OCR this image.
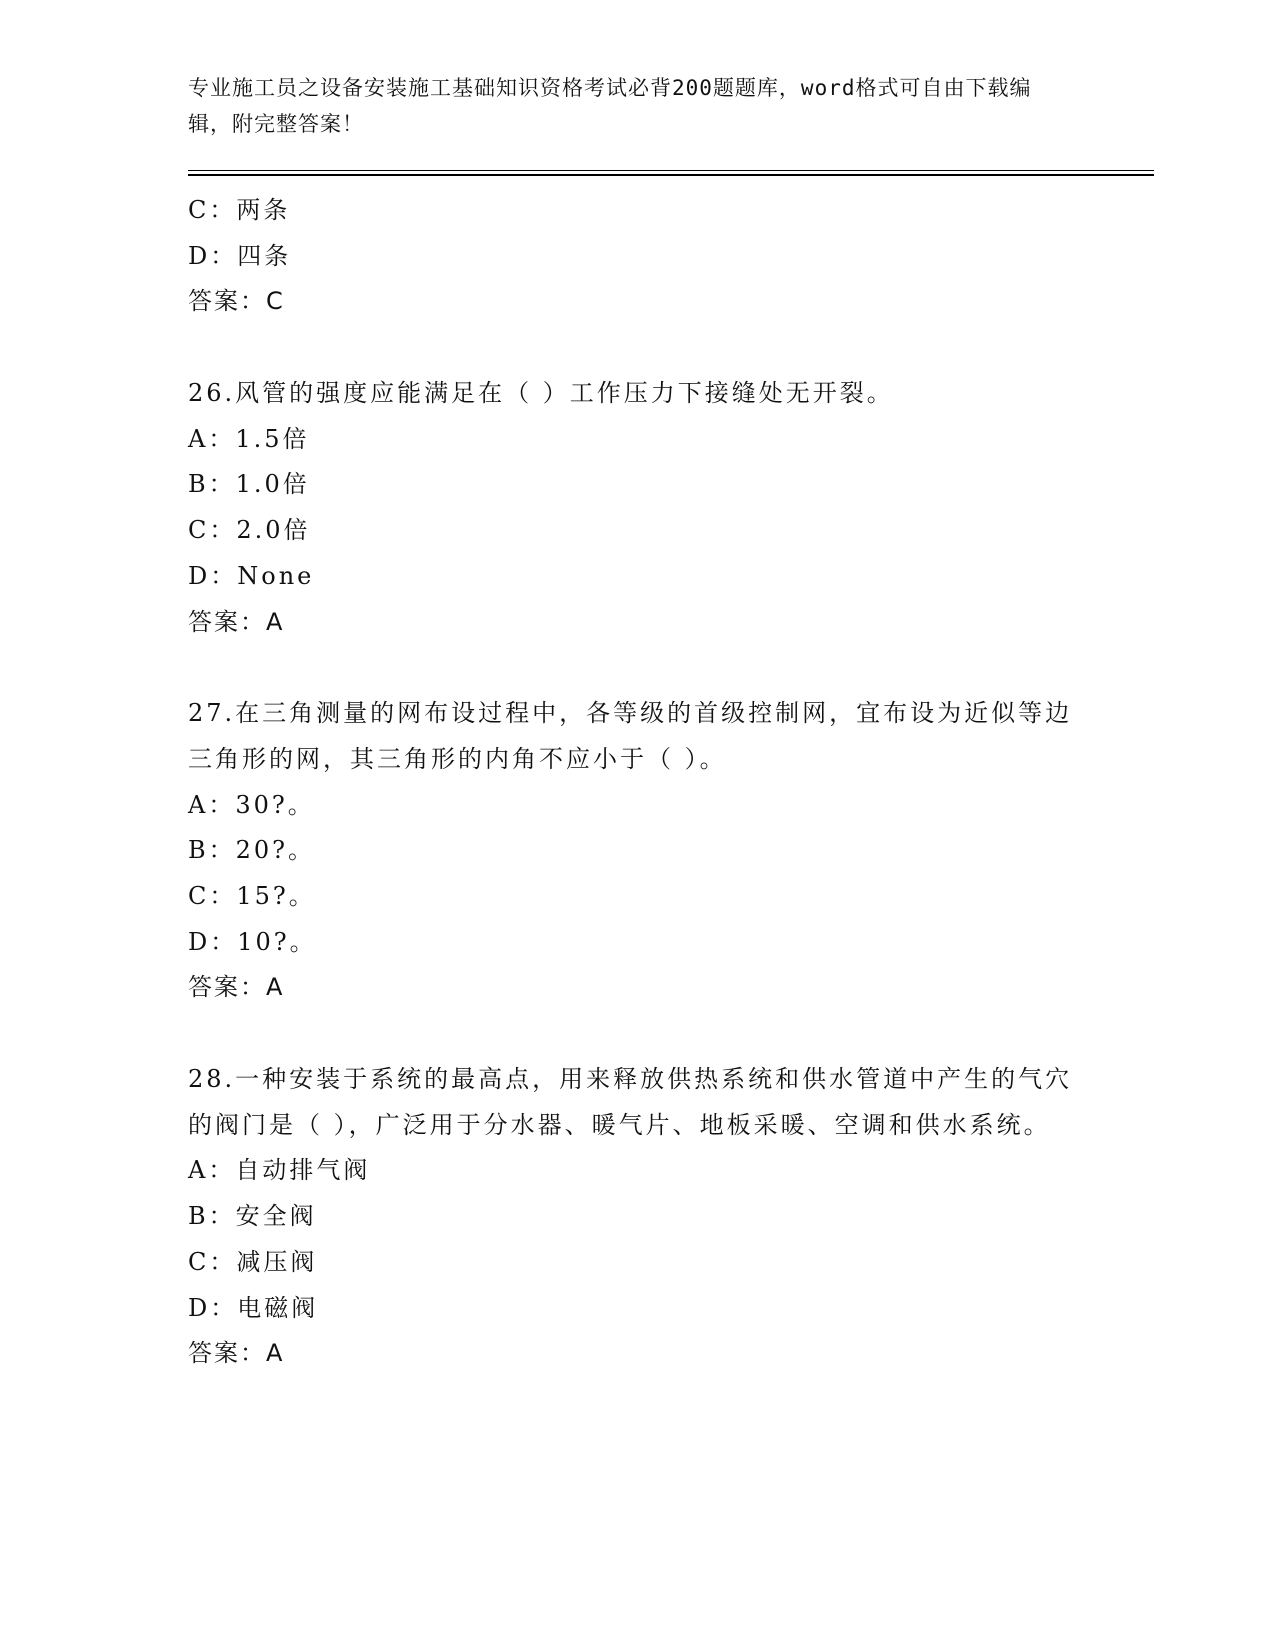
专业施工员之设备安装施工基础知识资格考试必背200题题库，word格式可自由下载编辑，附完整答案！
C：两条
D：四条
答案：C
26.风管的强度应能满足在（ ）工作压力下接缝处无开裂。
A：1.5倍
B：1.0倍
C：2.0倍
D：None
答案：A
27.在三角测量的网布设过程中，各等级的首级控制网，宜布设为近似等边三角形的网，其三角形的内角不应小于（ ）。
A：30?。
B：20?。
C：15?。
D：10?。
答案：A
28.一种安装于系统的最高点，用来释放供热系统和供水管道中产生的气穴的阀门是（ ），广泛用于分水器、暖气片、地板采暖、空调和供水系统。
A：自动排气阀
B：安全阀
C：减压阀
D：电磁阀
答案：A
